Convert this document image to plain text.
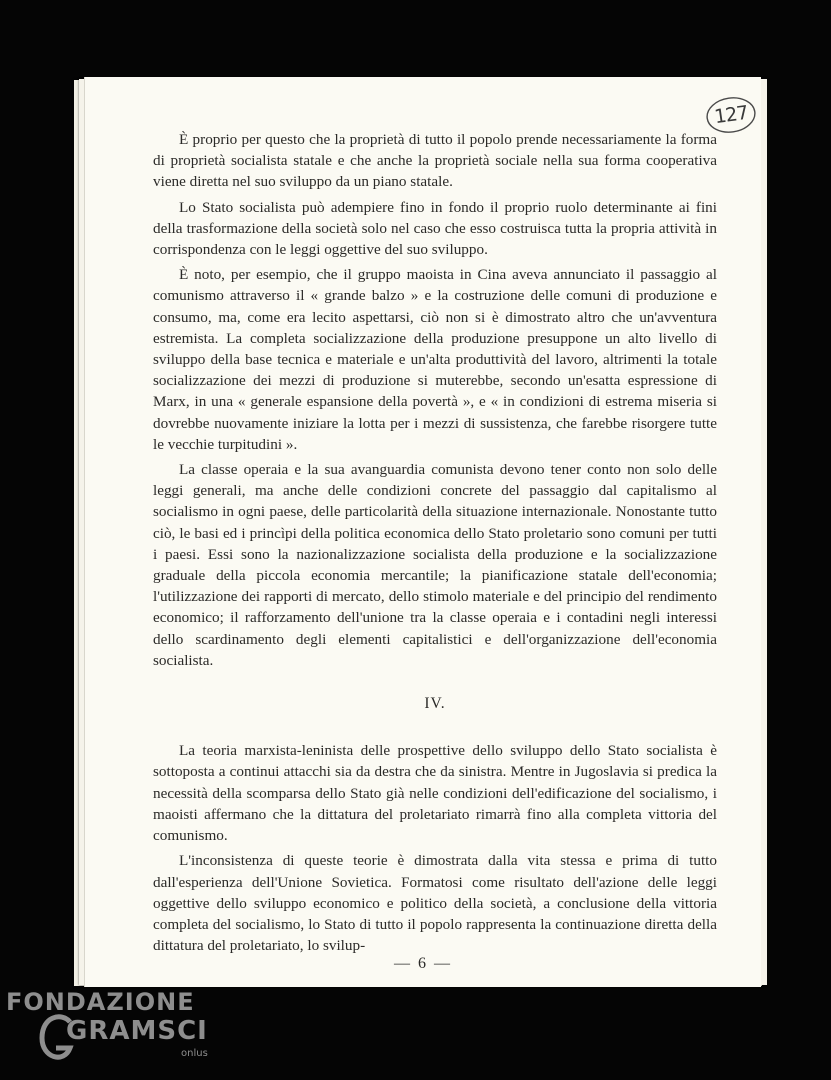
127

È proprio per questo che la proprietà di tutto il popolo prende necessariamente la forma di proprietà socialista statale e che anche la proprietà sociale nella sua forma cooperativa viene diretta nel suo sviluppo da un piano statale.

Lo Stato socialista può adempiere fino in fondo il proprio ruolo determinante ai fini della trasformazione della società solo nel caso che esso costruisca tutta la propria attività in corrispondenza con le leggi oggettive del suo sviluppo.

È noto, per esempio, che il gruppo maoista in Cina aveva annunciato il passaggio al comunismo attraverso il « grande balzo » e la costruzione delle comuni di produzione e consumo, ma, come era lecito aspettarsi, ciò non si è dimostrato altro che un'avventura estremista. La completa socializzazione della produzione presuppone un alto livello di sviluppo della base tecnica e materiale e un'alta produttività del lavoro, altrimenti la totale socializzazione dei mezzi di produzione si muterebbe, secondo un'esatta espressione di Marx, in una « generale espansione della povertà », e « in condizioni di estrema miseria si dovrebbe nuovamente iniziare la lotta per i mezzi di sussistenza, che farebbe risorgere tutte le vecchie turpitudini ».

La classe operaia e la sua avanguardia comunista devono tener conto non solo delle leggi generali, ma anche delle condizioni concrete del passaggio dal capitalismo al socialismo in ogni paese, delle particolarità della situazione internazionale. Nonostante tutto ciò, le basi ed i princìpi della politica economica dello Stato proletario sono comuni per tutti i paesi. Essi sono la nazionalizzazione socialista della produzione e la socializzazione graduale della piccola economia mercantile; la pianificazione statale dell'economia; l'utilizzazione dei rapporti di mercato, dello stimolo materiale e del principio del rendimento economico; il rafforzamento dell'unione tra la classe operaia e i contadini negli interessi dello scardinamento degli elementi capitalistici e dell'organizzazione dell'economia socialista.

IV.

La teoria marxista-leninista delle prospettive dello sviluppo dello Stato socialista è sottoposta a continui attacchi sia da destra che da sinistra. Mentre in Jugoslavia si predica la necessità della scomparsa dello Stato già nelle condizioni dell'edificazione del socialismo, i maoisti affermano che la dittatura del proletariato rimarrà fino alla completa vittoria del comunismo.

L'inconsistenza di queste teorie è dimostrata dalla vita stessa e prima di tutto dall'esperienza dell'Unione Sovietica. Formatosi come risultato dell'azione delle leggi oggettive dello sviluppo economico e politico della società, a conclusione della vittoria completa del socialismo, lo Stato di tutto il popolo rappresenta la continuazione diretta della dittatura del proletariato, lo svilup-

— 6 —
FONDAZIONE
GRAMSCI
onlus
